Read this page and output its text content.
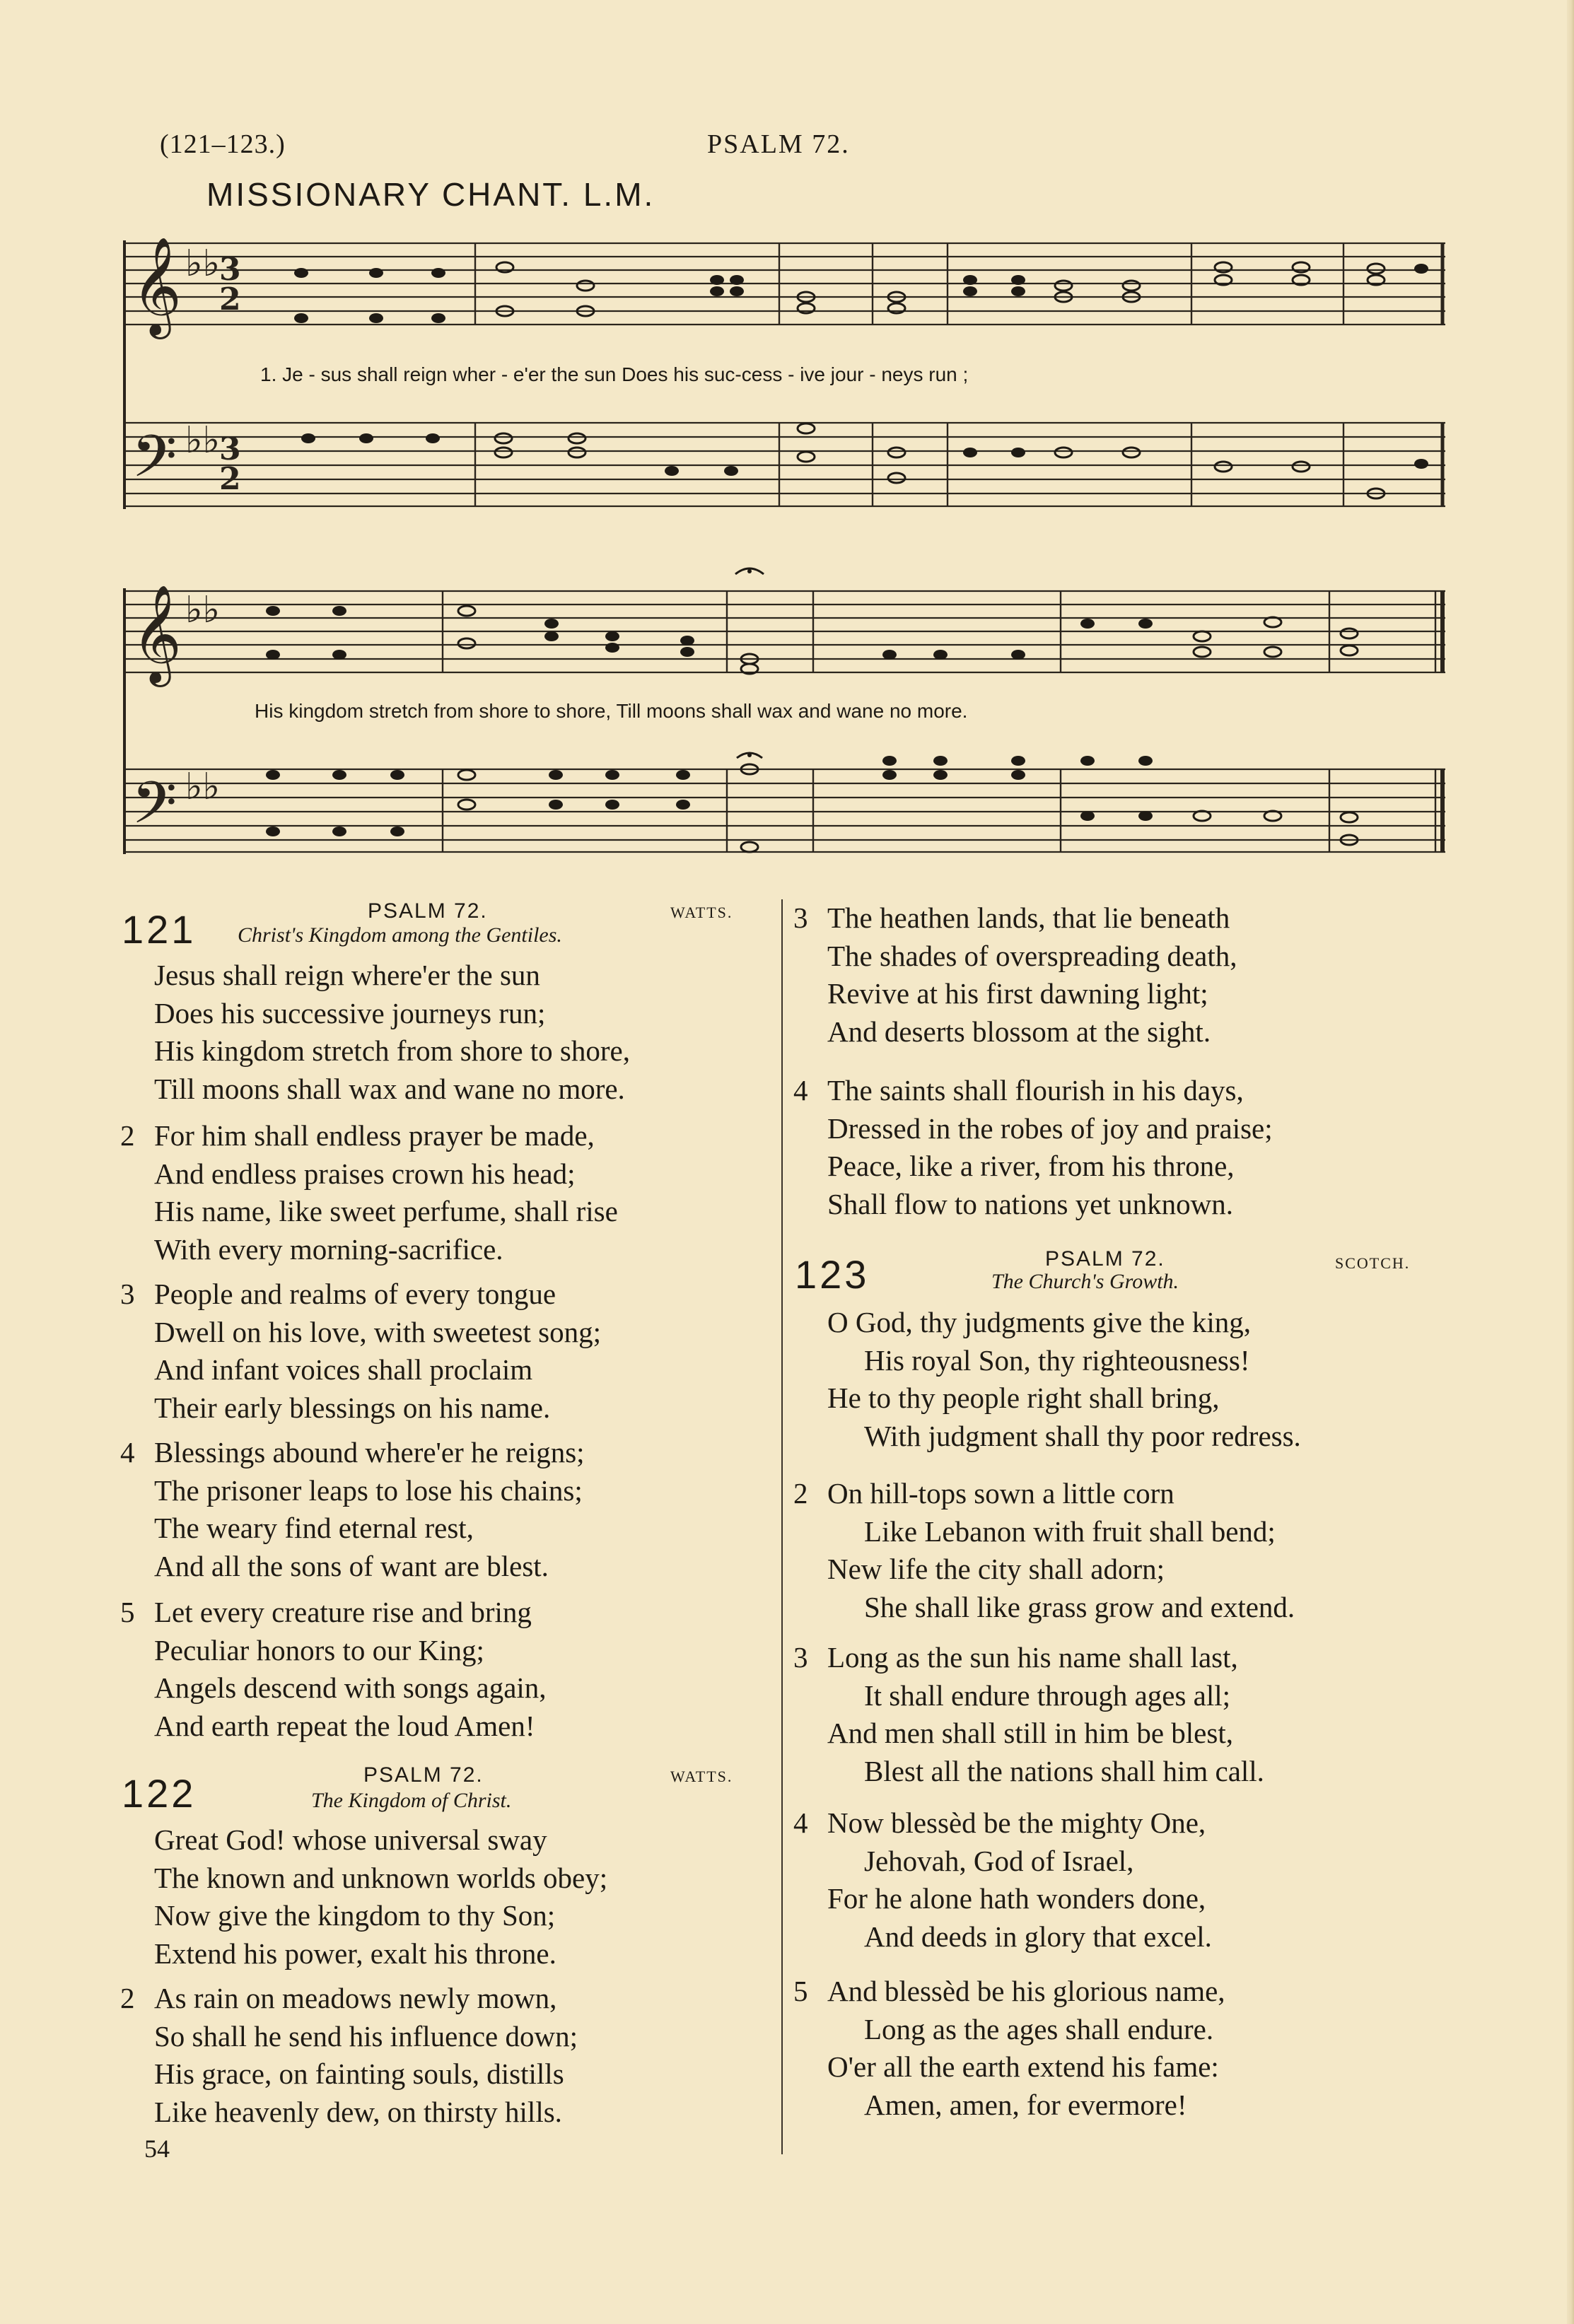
(121–123.)	PSALM 72.
MISSIONARY CHANT. L.M.
𝄞
𝄢
𝄞
𝄢
♭♭
♭♭
♭♭
♭♭
3
2
3
2
1. Je - sus shall reign wher - e'er the sun Does his suc-cess - ive jour - neys run ;
His kingdom stretch from shore to shore, Till moons shall wax and wane no more.
121	PSALM 72.	WATTS.
Christ's Kingdom among the Gentiles.
Jesus shall reign where'er the sun
Does his successive journeys run;
His kingdom stretch from shore to shore,
Till moons shall wax and wane no more.
2 For him shall endless prayer be made,
And endless praises crown his head;
His name, like sweet perfume, shall rise
With every morning-sacrifice.
3 People and realms of every tongue
Dwell on his love, with sweetest song;
And infant voices shall proclaim
Their early blessings on his name.
4 Blessings abound where'er he reigns;
The prisoner leaps to lose his chains;
The weary find eternal rest,
And all the sons of want are blest.
5 Let every creature rise and bring
Peculiar honors to our King;
Angels descend with songs again,
And earth repeat the loud Amen!
122	PSALM 72.	WATTS.
The Kingdom of Christ.
Great God! whose universal sway
The known and unknown worlds obey;
Now give the kingdom to thy Son;
Extend his power, exalt his throne.
2 As rain on meadows newly mown,
So shall he send his influence down;
His grace, on fainting souls, distills
Like heavenly dew, on thirsty hills.
3 The heathen lands, that lie beneath
The shades of overspreading death,
Revive at his first dawning light;
And deserts blossom at the sight.
4 The saints shall flourish in his days,
Dressed in the robes of joy and praise;
Peace, like a river, from his throne,
Shall flow to nations yet unknown.
123	PSALM 72.	SCOTCH.
The Church's Growth.
O God, thy judgments give the king,
His royal Son, thy righteousness!
He to thy people right shall bring,
With judgment shall thy poor redress.
2 On hill-tops sown a little corn
Like Lebanon with fruit shall bend;
New life the city shall adorn;
She shall like grass grow and extend.
3 Long as the sun his name shall last,
It shall endure through ages all;
And men shall still in him be blest,
Blest all the nations shall him call.
4 Now blessèd be the mighty One,
Jehovah, God of Israel,
For he alone hath wonders done,
And deeds in glory that excel.
5 And blessèd be his glorious name,
Long as the ages shall endure.
O'er all the earth extend his fame:
Amen, amen, for evermore!
54
